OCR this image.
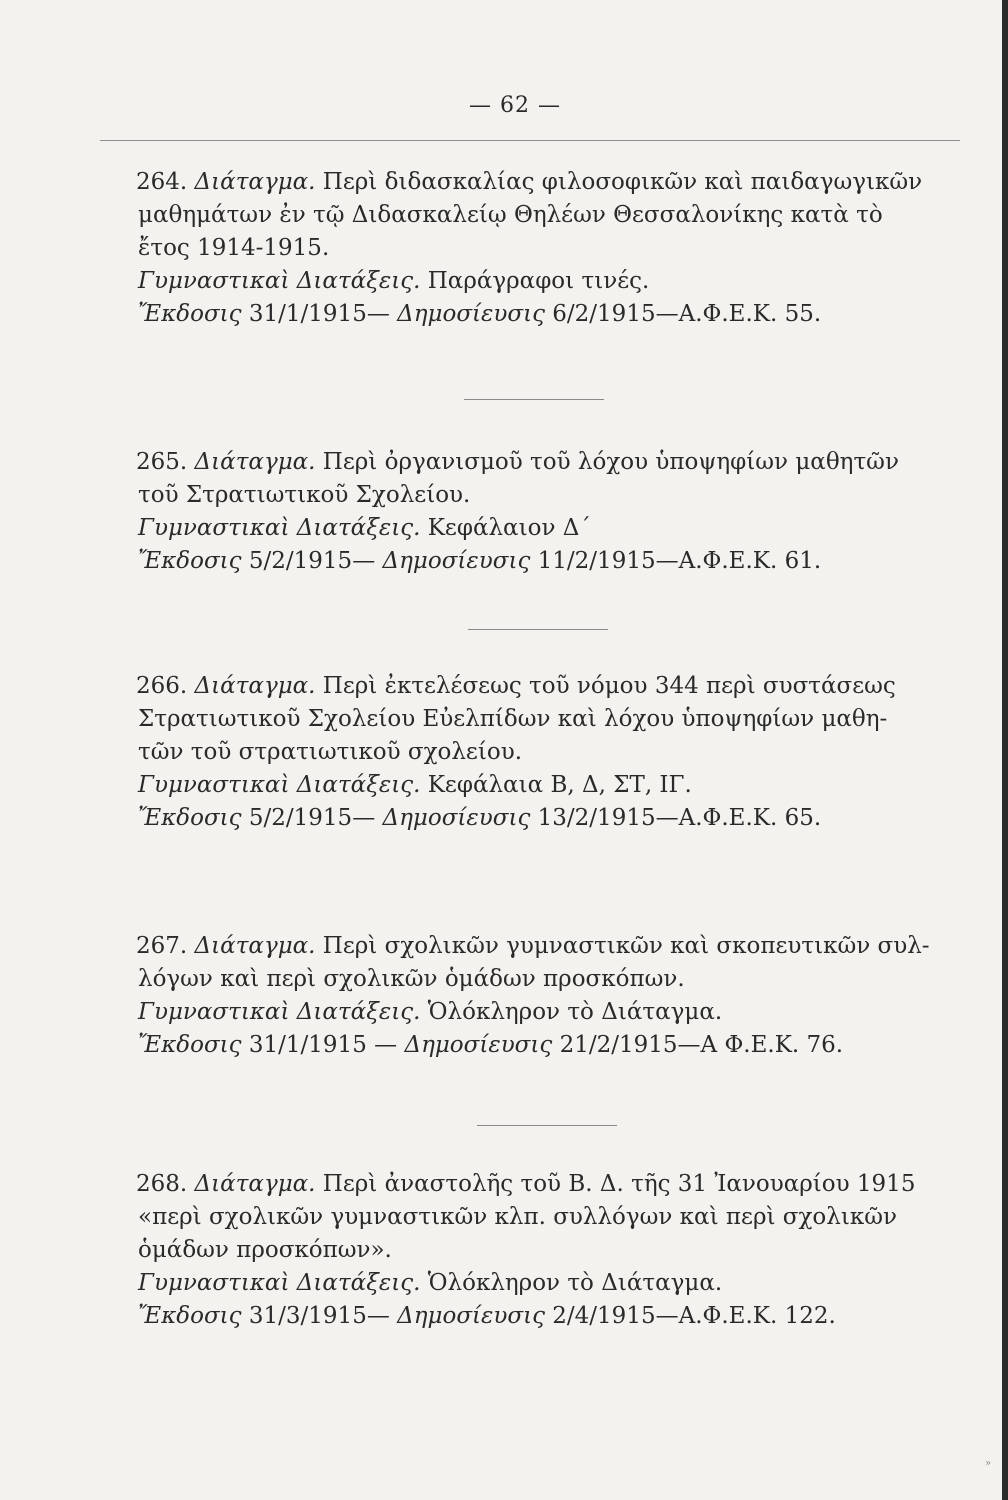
— 62 —
264. Διάταγμα. Περὶ διδασκαλίας φιλοσοφικῶν καὶ παιδαγωγικῶν
μαθημάτων ἐν τῷ Διδασκαλείῳ Θηλέων Θεσσαλονίκης κατὰ τὸ
ἔτος 1914-1915.
Γυμναστικαὶ Διατάξεις. Παράγραφοι τινές.
Ἔκδοσις 31/1/1915— Δημοσίευσις 6/2/1915—Α.Φ.Ε.Κ. 55.
265. Διάταγμα. Περὶ ὀργανισμοῦ τοῦ λόχου ὑποψηφίων μαθητῶν
τοῦ Στρατιωτικοῦ Σχολείου.
Γυμναστικαὶ Διατάξεις. Κεφάλαιον Δ΄
Ἔκδοσις 5/2/1915— Δημοσίευσις 11/2/1915—Α.Φ.Ε.Κ. 61.
266. Διάταγμα. Περὶ ἐκτελέσεως τοῦ νόμου 344 περὶ συστάσεως
Στρατιωτικοῦ Σχολείου Εὐελπίδων καὶ λόχου ὑποψηφίων μαθη-
τῶν τοῦ στρατιωτικοῦ σχολείου.
Γυμναστικαὶ Διατάξεις. Κεφάλαια Β, Δ, ΣΤ, ΙΓ.
Ἔκδοσις 5/2/1915— Δημοσίευσις 13/2/1915—Α.Φ.Ε.Κ. 65.
267. Διάταγμα. Περὶ σχολικῶν γυμναστικῶν καὶ σκοπευτικῶν συλ-
λόγων καὶ περὶ σχολικῶν ὁμάδων προσκόπων.
Γυμναστικαὶ Διατάξεις. Ὁλόκληρον τὸ Διάταγμα.
Ἔκδοσις 31/1/1915 — Δημοσίευσις 21/2/1915—Α Φ.Ε.Κ. 76.
268. Διάταγμα. Περὶ ἀναστολῆς τοῦ Β. Δ. τῆς 31 Ἰανουαρίου 1915
«περὶ σχολικῶν γυμναστικῶν κλπ. συλλόγων καὶ περὶ σχολικῶν
ὁμάδων προσκόπων».
Γυμναστικαὶ Διατάξεις. Ὁλόκληρον τὸ Διάταγμα.
Ἔκδοσις 31/3/1915— Δημοσίευσις 2/4/1915—Α.Φ.Ε.Κ. 122.
»
